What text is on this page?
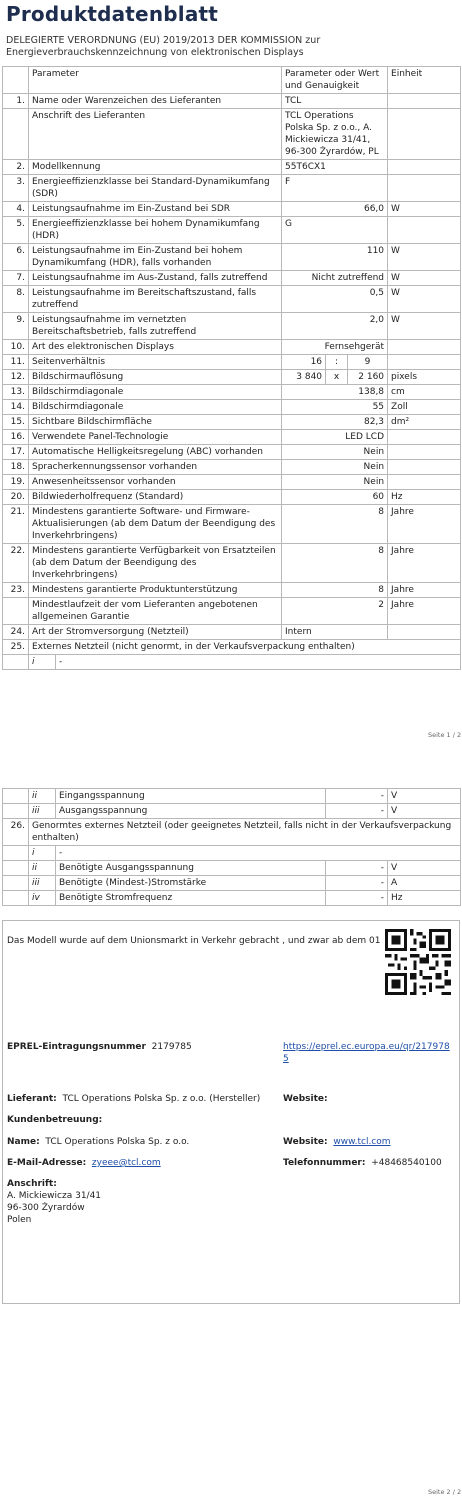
Produktdatenblatt
DELEGIERTE VERORDNUNG (EU) 2019/2013 DER KOMMISSION zur Energieverbrauchskennzeichnung von elektronischen Displays
	Parameter		Parameter oder Wert und Genauigkeit			Einheit
1.	Name oder Warenzeichen des Lieferanten		TCL			
	Anschrift des Lieferanten		TCL Operations Polska Sp. z o.o., A. Mickiewicza 31/41, 96-300 Żyrardów, PL			
2.	Modellkennung		55T6CX1			
3.	Energieeffizienzklasse bei Standard-Dynamikumfang (SDR)		F			
4.	Leistungsaufnahme im Ein-Zustand bei SDR		66,0			W
5.	Energieeffizienzklasse bei hohem Dynamikumfang (HDR)		G			
6.	Leistungsaufnahme im Ein-Zustand bei hohem Dynamikumfang (HDR), falls vorhanden		110			W
7.	Leistungsaufnahme im Aus-Zustand, falls zutreffend		Nicht zutreffend			W
8.	Leistungsaufnahme im Bereitschaftszustand, falls zutreffend		0,5			W
9.	Leistungsaufnahme im vernetzten Bereitschaftsbetrieb, falls zutreffend		2,0			W
10.	Art des elektronischen Displays		Fernsehgerät			
11.	Seitenverhältnis		16	:	9	
12.	Bildschirmauflösung		3 840	x	2 160	pixels
13.	Bildschirmdiagonale		138,8			cm
14.	Bildschirmdiagonale		55			Zoll
15.	Sichtbare Bildschirmfläche		82,3			dm²
16.	Verwendete Panel-Technologie		LED LCD			
17.	Automatische Helligkeitsregelung (ABC) vorhanden		Nein			
18.	Spracherkennungssensor vorhanden		Nein			
19.	Anwesenheitssensor vorhanden		Nein			
20.	Bildwiederholfrequenz (Standard)		60			Hz
21.	Mindestens garantierte Software- und Firmware-Aktualisierungen (ab dem Datum der Beendigung des Inverkehrbringens)		8			Jahre
22.	Mindestens garantierte Verfügbarkeit von Ersatzteilen (ab dem Datum der Beendigung des Inverkehrbringens)		8			Jahre
23.	Mindestens garantierte Produktunterstützung		8			Jahre
	Mindestlaufzeit der vom Lieferanten angebotenen allgemeinen Garantie		2			Jahre
24.	Art der Stromversorgung (Netzteil)		Intern			
25.	Externes Netzteil (nicht genormt, in der Verkaufsverpackung enthalten)					
	i	-				
Seite 1 / 2
	ii	Eingangsspannung	-	V
	iii	Ausgangsspannung	-	V
26.	Genormtes externes Netzteil (oder geeignetes Netzteil, falls nicht in der Verkaufsverpackung enthalten)			
	i	-		
	ii	Benötigte Ausgangsspannung	-	V
	iii	Benötigte (Mindest-)Stromstärke	-	A
	iv	Benötigte Stromfrequenz	-	Hz
Das Modell wurde auf dem Unionsmarkt in Verkehr gebracht , und zwar ab dem 01
EPREL-Eintragungsnummer 2179785	https://eprel.ec.europa.eu/qr/2179785
Lieferant: TCL Operations Polska Sp. z o.o. (Hersteller)	Website:
Kundenbetreuung:
Name: TCL Operations Polska Sp. z o.o.	Website: www.tcl.com
E-Mail-Adresse: zyeee@tcl.com	Telefonnummer: +48468540100
Anschrift:
A. Mickiewicza 31/41
96-300 Żyrardów
Polen
Seite 2 / 2
